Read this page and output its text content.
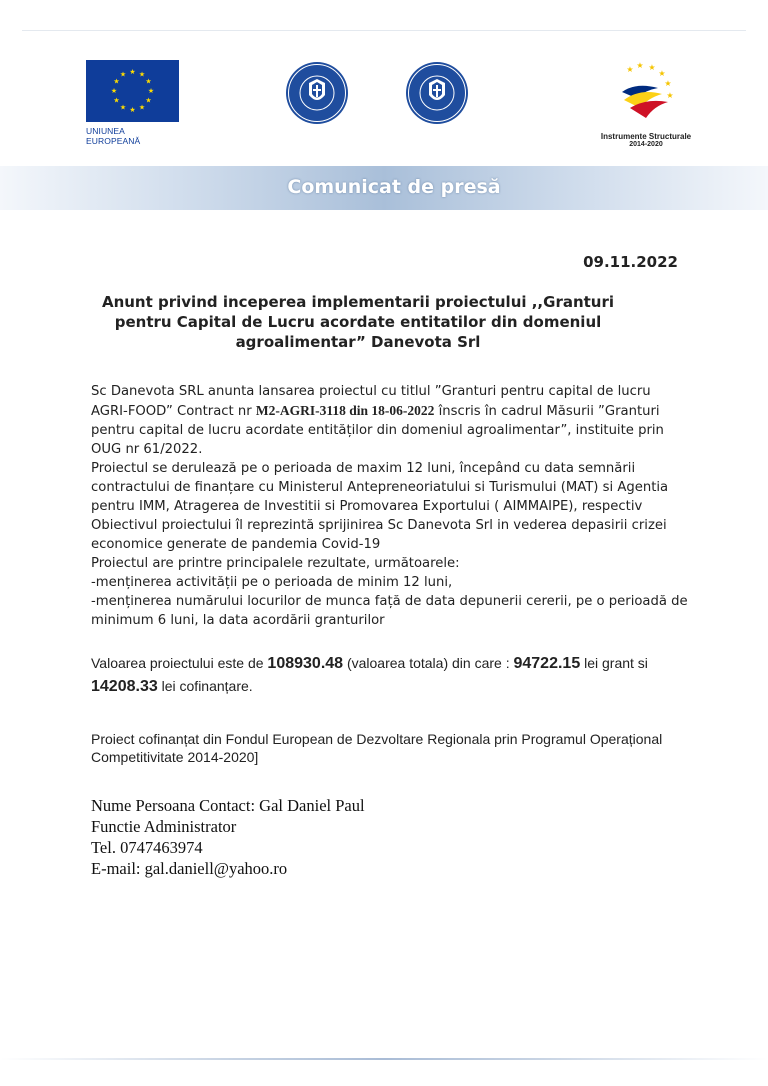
★ ★
★
★
★
★
★
★
★
★
★
★
UNIUNEA EUROPEANĂ
★ ★
★
★
★
★
Instrumente Structurale
2014-2020
Comunicat de presă
09.11.2022
Anunt privind inceperea implementarii proiectului ,,Granturi pentru Capital de Lucru acordate entitatilor din domeniul agroalimentar” Danevota Srl

Sc Danevota SRL anunta lansarea proiectul cu titlul ”Granturi pentru capital de lucru AGRI-FOOD” Contract nr M2-AGRI-3118 din 18-06-2022 înscris în cadrul Măsurii ”Granturi pentru capital de lucru acordate entităților din domeniul agroalimentar”, instituite prin OUG nr 61/2022.

Proiectul se derulează pe o perioada de maxim 12 luni, începând cu data semnării contractului de finanțare cu Ministerul Antepreneoriatului si Turismului (MAT) si Agentia pentru IMM, Atragerea de Investitii si Promovarea Exportului ( AIMMAIPE), respectiv

Obiectivul proiectului îl reprezintă sprijinirea Sc Danevota Srl in vederea depasirii crizei economice generate de pandemia Covid-19

Proiectul are printre principalele rezultate, următoarele:

-menținerea activității pe o perioada de minim 12 luni,

-menținerea numărului locurilor de munca față de data depunerii cererii, pe o perioadă de minimum 6 luni, la data acordării granturilor

Valoarea proiectului este de 108930.48 (valoarea totala) din care : 94722.15 lei grant si 14208.33 lei cofinanțare.
Proiect cofinanțat din Fondul European de Dezvoltare Regionala prin Programul Operațional Competitivitate 2014-2020]
Nume Persoana Contact: Gal Daniel Paul
Functie Administrator
Tel. 0747463974
E-mail: gal.daniell@yahoo.ro
